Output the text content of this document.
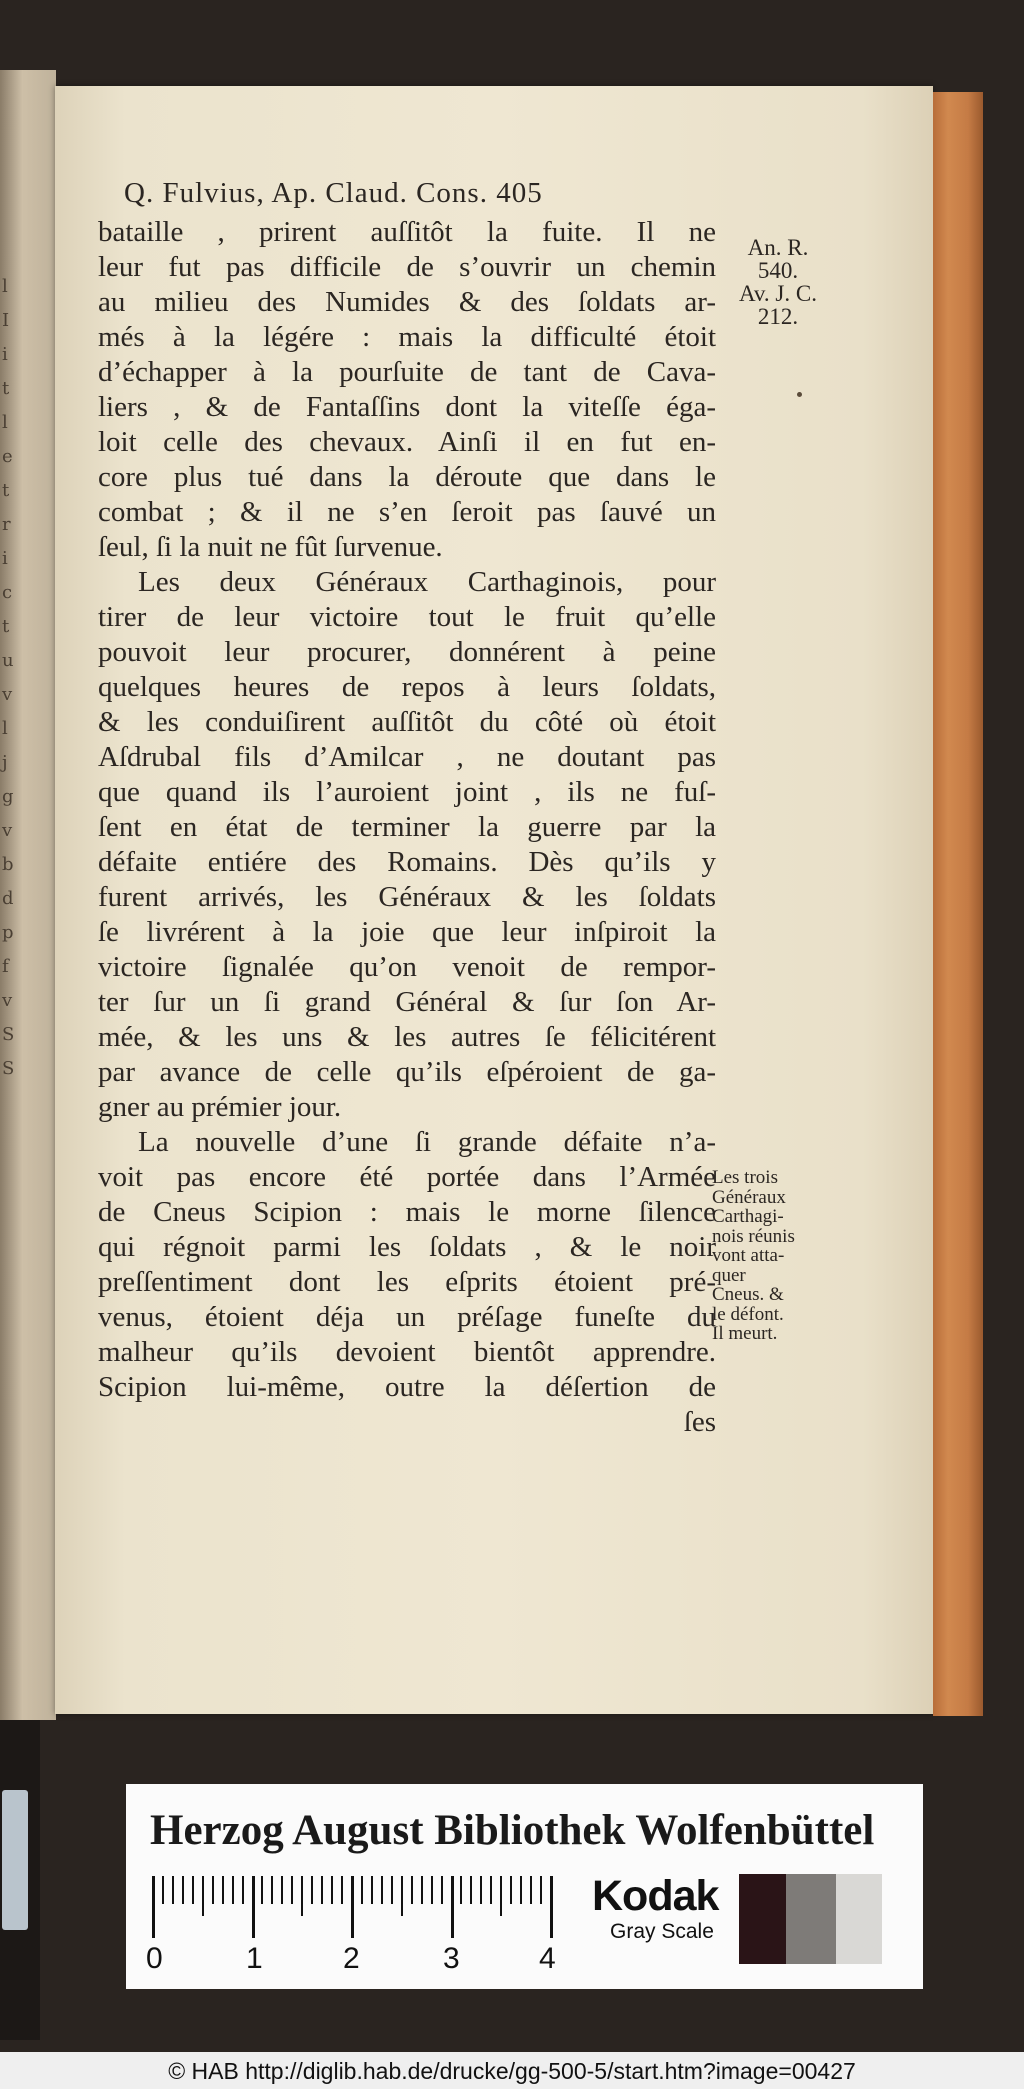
l
I
i
t
l
e
t
r
i
c
t
u
v
l
j
g
v
b
d
p
f
v
S
S
Q. Fulvius, Ap. Claud. Cons. 405
An. R.
540.
Av. J. C.
212.
bataille , prirent auſſitôt la fuite. Il ne
leur fut pas difficile de s’ouvrir un chemin
au milieu des Numides & des ſoldats ar-
més à la légére : mais la difficulté étoit
d’échapper à la pourſuite de tant de Cava-
liers , & de Fantaſſins dont la viteſſe éga-
loit celle des chevaux. Ainſi il en fut en-
core plus tué dans la déroute que dans le
combat ; & il ne s’en ſeroit pas ſauvé un
ſeul, ſi la nuit ne fût ſurvenue.
Les deux Généraux Carthaginois, pour
tirer de leur victoire tout le fruit qu’elle
pouvoit leur procurer, donnérent à peine
quelques heures de repos à leurs ſoldats,
& les conduiſirent auſſitôt du côté où étoit
Aſdrubal fils d’Amilcar , ne doutant pas
que quand ils l’auroient joint , ils ne fuſ-
ſent en état de terminer la guerre par la
défaite entiére des Romains. Dès qu’ils y
furent arrivés, les Généraux & les ſoldats
ſe livrérent à la joie que leur inſpiroit la
victoire ſignalée qu’on venoit de rempor-
ter ſur un ſi grand Général & ſur ſon Ar-
mée, & les uns & les autres ſe félicitérent
par avance de celle qu’ils eſpéroient de ga-
gner au prémier jour.
La nouvelle d’une ſi grande défaite n’a-
voit pas encore été portée dans l’Armée
de Cneus Scipion : mais le morne ſilence
qui régnoit parmi les ſoldats , & le noir
preſſentiment dont les eſprits étoient pré-
venus, étoient déja un préſage funeſte du
malheur qu’ils devoient bientôt apprendre.
Scipion lui-même, outre la déſertion de
ſes
Les trois
Généraux
Carthagi-
nois réunis
vont atta-
quer
Cneus. &
le défont.
Il meurt.
Herzog August Bibliothek Wolfenbüttel
0	1	2	3	4
Kodak
Gray Scale
© HAB http://diglib.hab.de/drucke/gg-500-5/start.htm?image=00427
